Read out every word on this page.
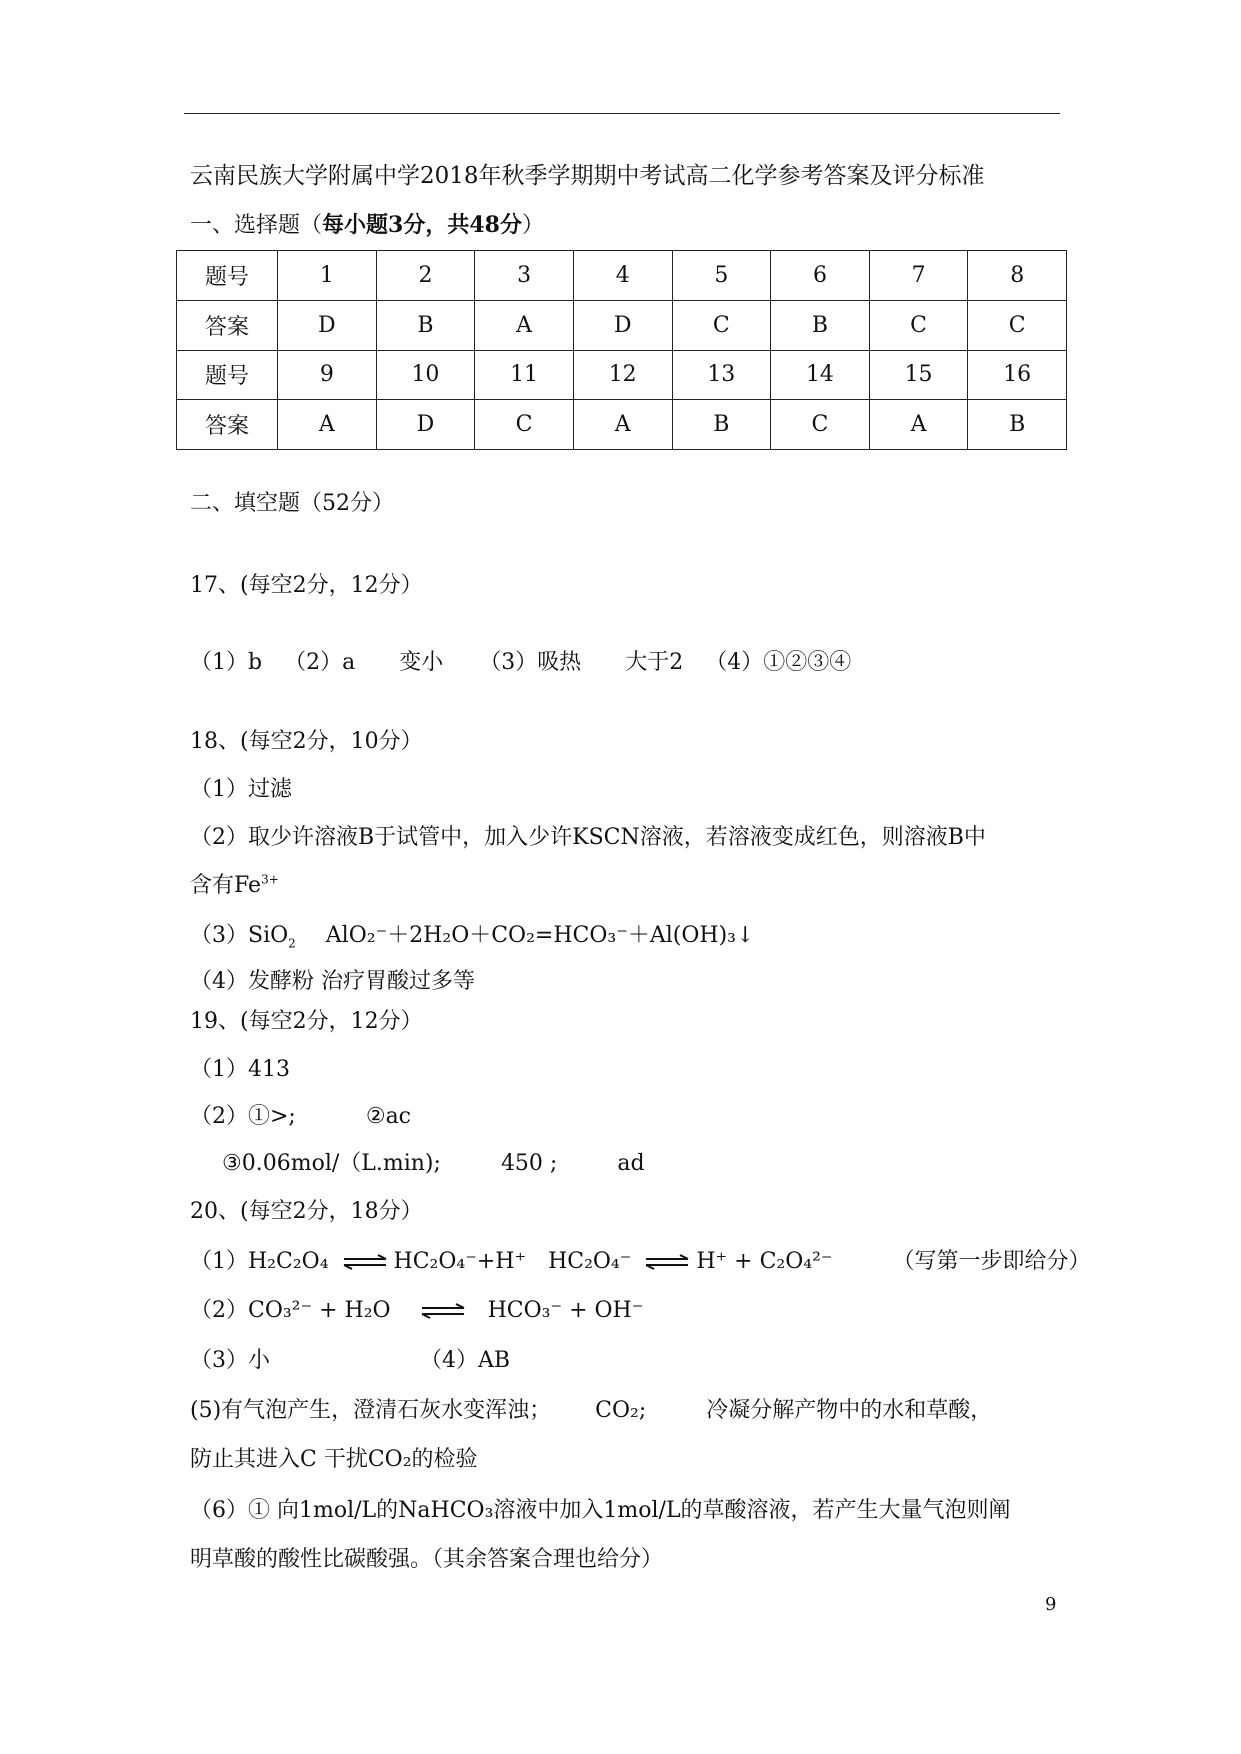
云南民族大学附属中学2018年秋季学期期中考试高二化学参考答案及评分标准
一、选择题（每小题3分，共48分）
题号	1	2	3	4	5	6	7	8
答案	D	B	A	D	C	B	C	C
题号	9	10	11	12	13	14	15	16
答案	A	D	C	A	B	C	A	B
二、填空题（52分）
17、(每空2分，12分）
（1）b （2）a 变小 （3）吸热 大于2 （4）①②③④
18、(每空2分，10分）
（1）过滤
（2）取少许溶液B于试管中，加入少许KSCN溶液，若溶液变成红色，则溶液B中
含有$Fe^{3+}$
（3）SiO$_2$ AlO₂⁻＋2H₂O＋CO₂=HCO₃⁻＋Al(OH)₃↓
（4）发酵粉 治疗胃酸过多等
19、(每空2分，12分）
（1）413
（2）①>;	②ac
③0.06mol/（L.min);	450 ;	ad
20、(每空2分，18分）
（1）H₂C₂O₄ ⇌ HC₂O₄⁻+H⁺ HC₂O₄⁻ ⇌ H⁺ + C₂O₄²⁻	（写第一步即给分）
（2）CO₃²⁻ + H₂O ⇌ HCO₃⁻ + OH⁻
（3）小	（4）AB
(5)有气泡产生，澄清石灰水变浑浊； CO₂;	冷凝分解产物中的水和草酸，
防止其进入C 干扰CO₂的检验
（6）① 向1mol/L的NaHCO₃溶液中加入1mol/L的草酸溶液，若产生大量气泡则阐
明草酸的酸性比碳酸强。（其余答案合理也给分）
9
